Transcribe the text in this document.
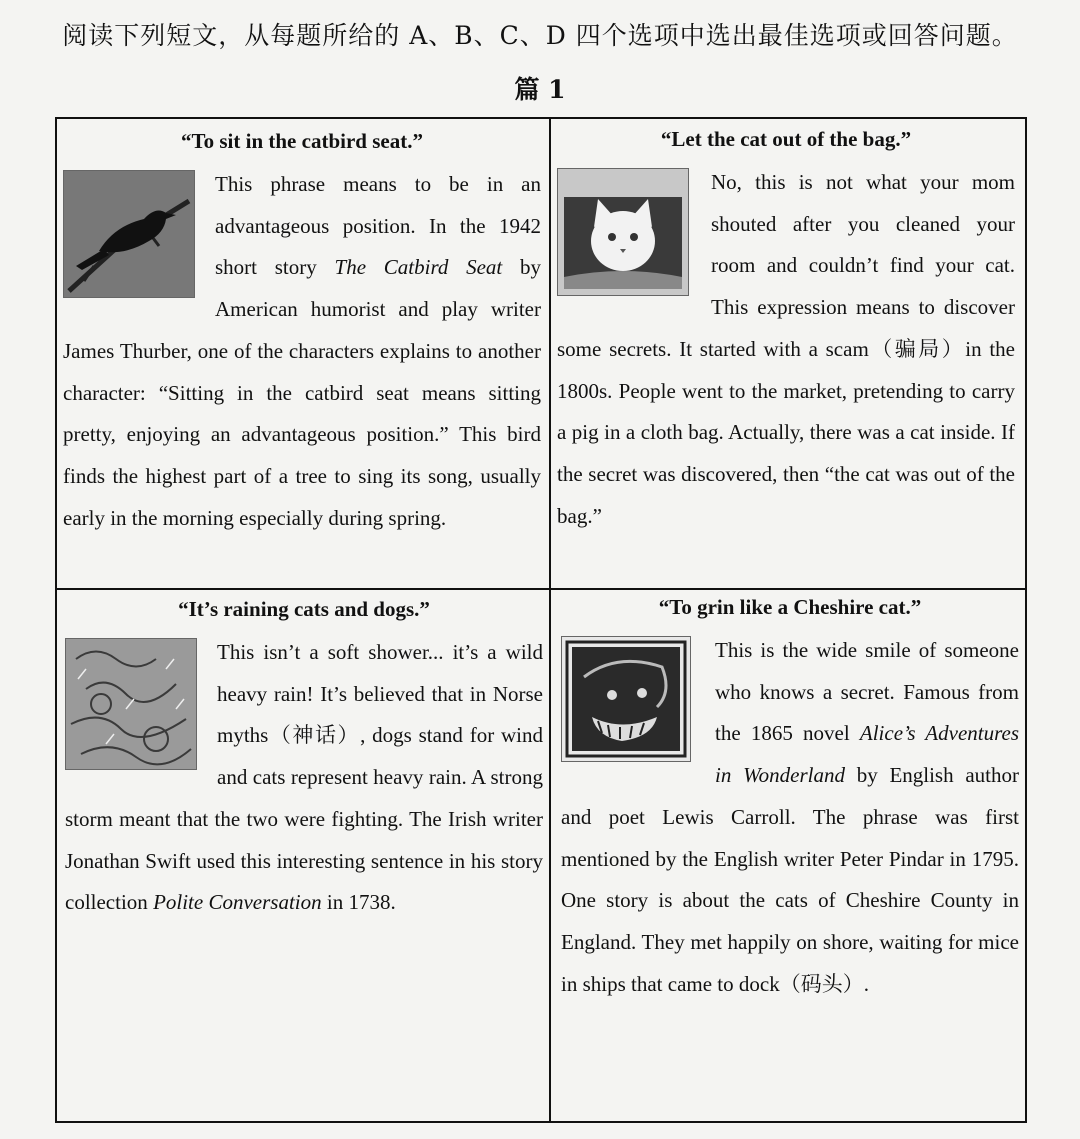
阅读下列短文，从每题所给的 A、B、C、D 四个选项中选出最佳选项或回答问题。
篇 1
“To sit in the catbird seat.”

This phrase means to be in an advantageous position. In the 1942 short story The Catbird Seat by American humorist and play writer James Thurber, one of the characters explains to another character: “Sitting in the catbird seat means sitting pretty, enjoying an advantageous position.” This bird finds the highest part of a tree to sing its song, usually early in the morning especially during spring.

“Let the cat out of the bag.”

No, this is not what your mom shouted after you cleaned your room and couldn’t find your cat. This expression means to discover some secrets. It started with a scam（骗局）in the 1800s. People went to the market, pretending to carry a pig in a cloth bag. Actually, there was a cat inside. If the secret was discovered, then “the cat was out of the bag.”

“It’s raining cats and dogs.”

This isn’t a soft shower... it’s a wild heavy rain! It’s believed that in Norse myths（神话）, dogs stand for wind and cats represent heavy rain. A strong storm meant that the two were fighting. The Irish writer Jonathan Swift used this interesting sentence in his story collection Polite Conversation in 1738.

“To grin like a Cheshire cat.”

This is the wide smile of someone who knows a secret. Famous from the 1865 novel Alice’s Adventures in Wonderland by English author and poet Lewis Carroll. The phrase was first mentioned by the English writer Peter Pindar in 1795. One story is about the cats of Cheshire County in England. They met happily on shore, waiting for mice in ships that came to dock（码头）.
